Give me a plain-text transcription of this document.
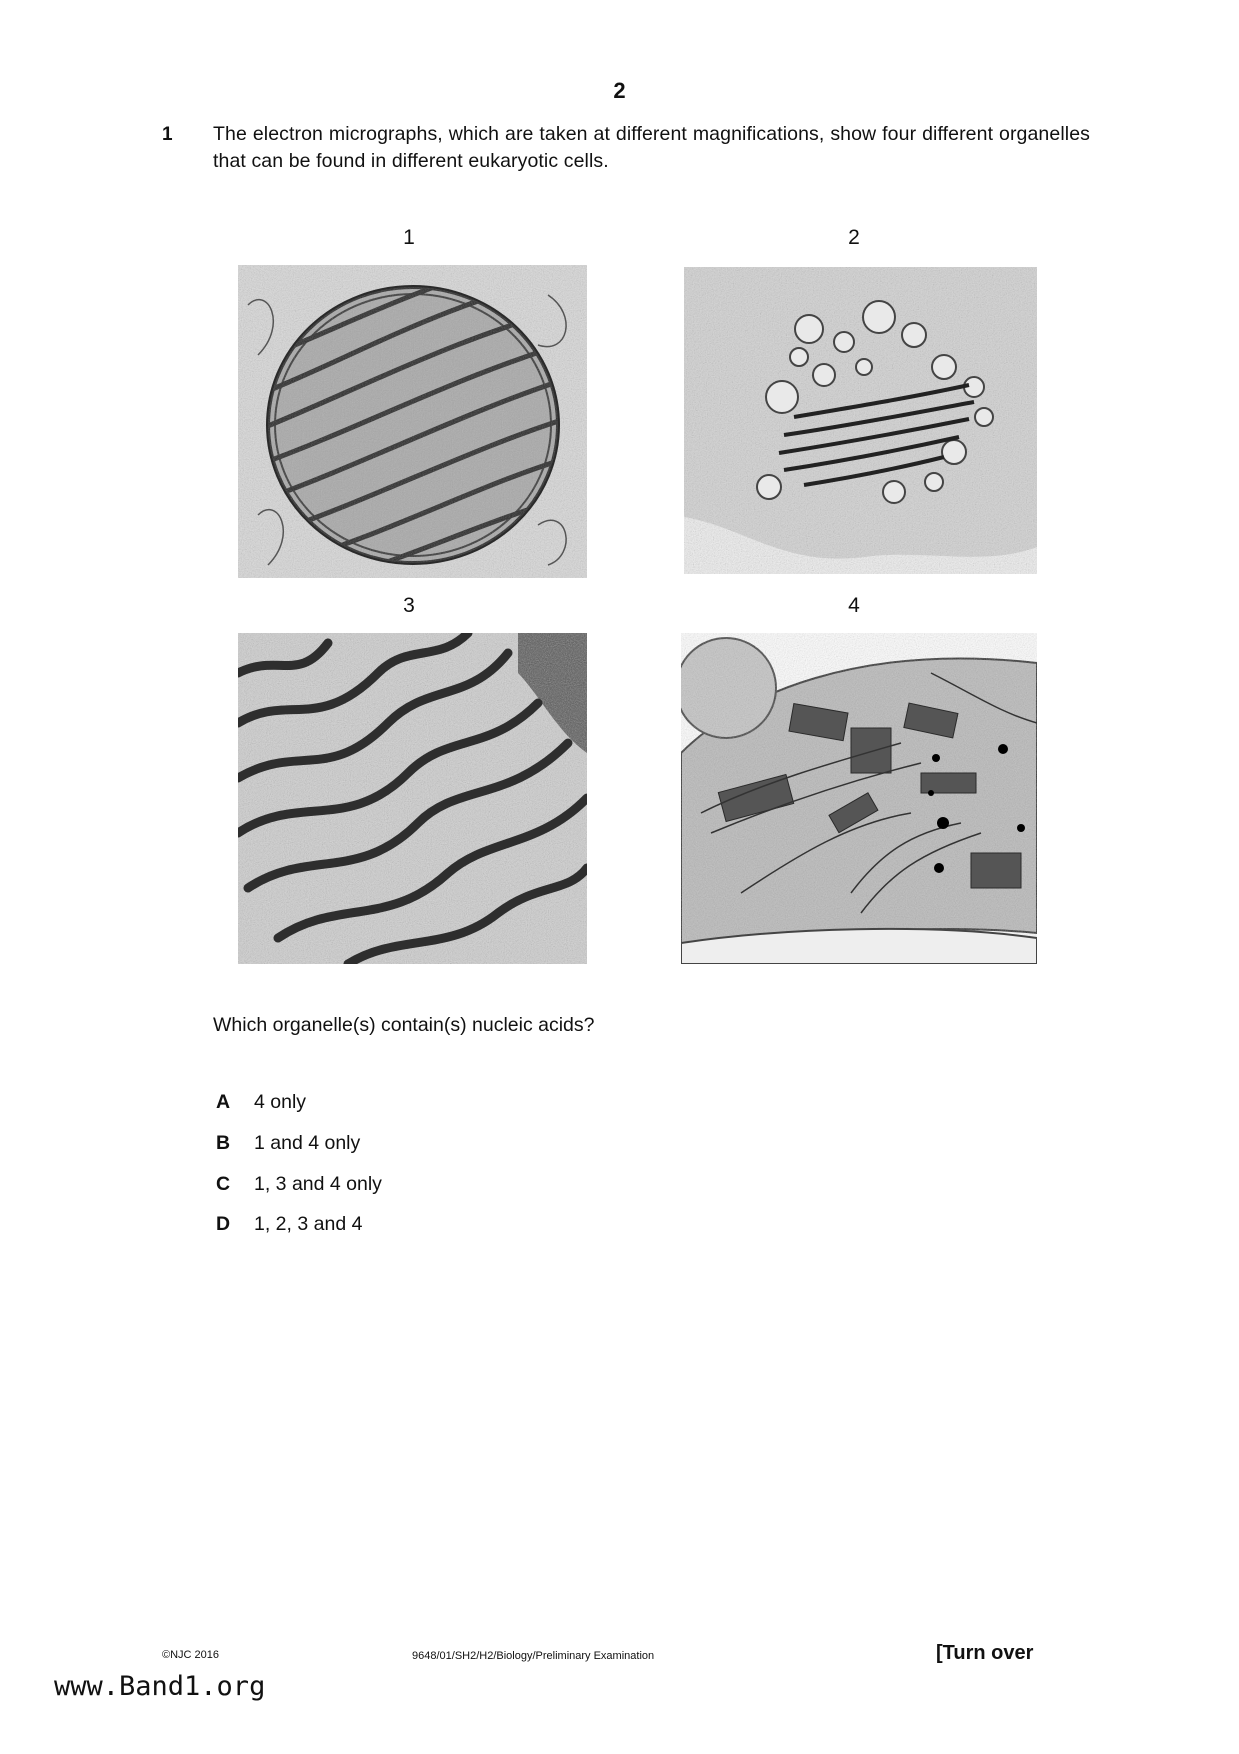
2
1 The electron micrographs, which are taken at different magnifications, show four different organelles that can be found in different eukaryotic cells.
1	2
3	4
Which organelle(s) contain(s) nucleic acids?
A 4 only
B 1 and 4 only
C 1, 3 and 4 only
D 1, 2, 3 and 4
©NJC 2016	9648/01/SH2/H2/Biology/Preliminary Examination	[Turn over
www.Band1.org
